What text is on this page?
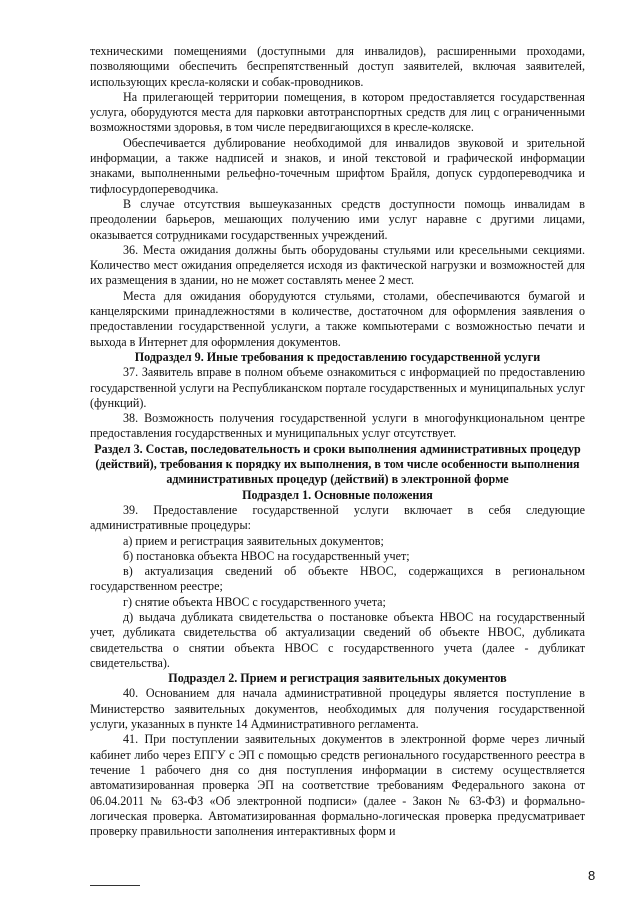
техническими помещениями (доступными для инвалидов), расширенными проходами, позволяющими обеспечить беспрепятственный доступ заявителей, включая заявителей, использующих кресла-коляски и собак-проводников.

На прилегающей территории помещения, в котором предоставляется государственная услуга, оборудуются места для парковки автотранспортных средств для лиц с ограниченными возможностями здоровья, в том числе передвигающихся в кресле-коляске.

Обеспечивается дублирование необходимой для инвалидов звуковой и зрительной информации, а также надписей и знаков, и иной текстовой и графической информации знаками, выполненными рельефно-точечным шрифтом Брайля, допуск сурдопереводчика и тифлосурдопереводчика.

В случае отсутствия вышеуказанных средств доступности помощь инвалидам в преодолении барьеров, мешающих получению ими услуг наравне с другими лицами, оказывается сотрудниками государственных учреждений.

36. Места ожидания должны быть оборудованы стульями или кресельными секциями. Количество мест ожидания определяется исходя из фактической нагрузки и возможностей для их размещения в здании, но не может составлять менее 2 мест.

Места для ожидания оборудуются стульями, столами, обеспечиваются бумагой и канцелярскими принадлежностями в количестве, достаточном для оформления заявления о предоставлении государственной услуги, а также компьютерами с возможностью печати и выхода в Интернет для оформления документов.

Подраздел 9. Иные требования к предоставлению государственной услуги

37. Заявитель вправе в полном объеме ознакомиться с информацией по предоставлению государственной услуги на Республиканском портале государственных и муниципальных услуг (функций).

38. Возможность получения государственной услуги в многофункциональном центре предоставления государственных и муниципальных услуг отсутствует.

Раздел 3. Состав, последовательность и сроки выполнения административных процедур (действий), требования к порядку их выполнения, в том числе особенности выполнения административных процедур (действий) в электронной форме

Подраздел 1. Основные положения

39. Предоставление государственной услуги включает в себя следующие административные процедуры:

а) прием и регистрация заявительных документов;

б) постановка объекта НВОС на государственный учет;

в) актуализация сведений об объекте НВОС, содержащихся в региональном государственном реестре;

г) снятие объекта НВОС с государственного учета;

д) выдача дубликата свидетельства о постановке объекта НВОС на государственный учет, дубликата свидетельства об актуализации сведений об объекте НВОС, дубликата свидетельства о снятии объекта НВОС с государственного учета (далее - дубликат свидетельства).

Подраздел 2. Прием и регистрация заявительных документов

40. Основанием для начала административной процедуры является поступление в Министерство заявительных документов, необходимых для получения государственной услуги, указанных в пункте 14 Административного регламента.

41. При поступлении заявительных документов в электронной форме через личный кабинет либо через ЕПГУ с ЭП с помощью средств регионального государственного реестра в течение 1 рабочего дня со дня поступления информации в систему осуществляется автоматизированная проверка ЭП на соответствие требованиям Федерального закона от 06.04.2011 № 63-ФЗ «Об электронной подписи» (далее - Закон № 63-ФЗ) и формально-логическая проверка. Автоматизированная формально-логическая проверка предусматривает проверку правильности заполнения интерактивных форм и

8
